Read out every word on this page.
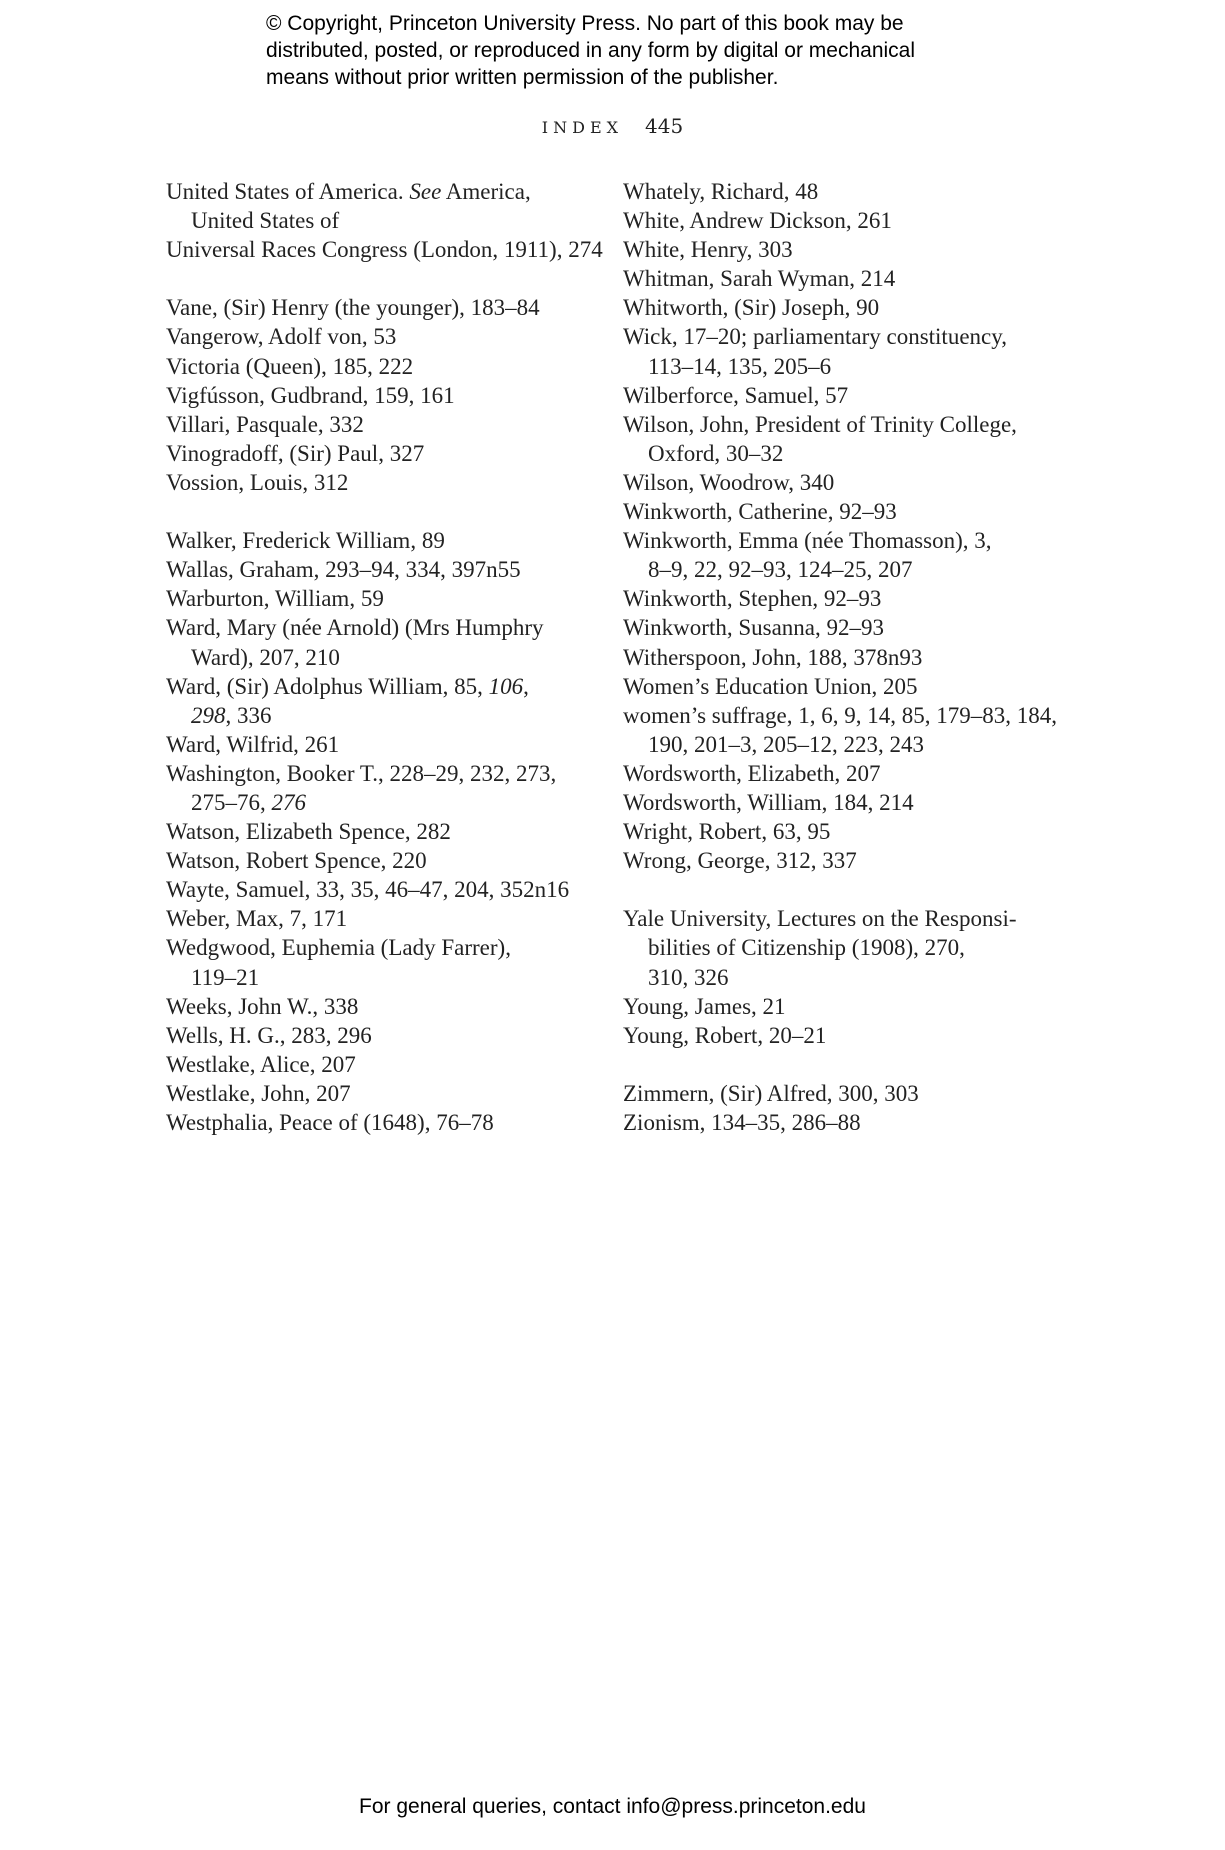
© Copyright, Princeton University Press. No part of this book may be
distributed, posted, or reproduced in any form by digital or mechanical
means without prior written permission of the publisher.
INDEX 445
United States of America. See America,
United States of
Universal Races Congress (London, 1911), 274
Vane, (Sir) Henry (the younger), 183–84
Vangerow, Adolf von, 53
Victoria (Queen), 185, 222
Vigfússon, Gudbrand, 159, 161
Villari, Pasquale, 332
Vinogradoff, (Sir) Paul, 327
Vossion, Louis, 312
Walker, Frederick William, 89
Wallas, Graham, 293–94, 334, 397n55
Warburton, William, 59
Ward, Mary (née Arnold) (Mrs Humphry
Ward), 207, 210
Ward, (Sir) Adolphus William, 85, 106,
298, 336
Ward, Wilfrid, 261
Washington, Booker T., 228–29, 232, 273,
275–76, 276
Watson, Elizabeth Spence, 282
Watson, Robert Spence, 220
Wayte, Samuel, 33, 35, 46–47, 204, 352n16
Weber, Max, 7, 171
Wedgwood, Euphemia (Lady Farrer),
119–21
Weeks, John W., 338
Wells, H. G., 283, 296
Westlake, Alice, 207
Westlake, John, 207
Westphalia, Peace of (1648), 76–78
Whately, Richard, 48
White, Andrew Dickson, 261
White, Henry, 303
Whitman, Sarah Wyman, 214
Whitworth, (Sir) Joseph, 90
Wick, 17–20; parliamentary constituency,
113–14, 135, 205–6
Wilberforce, Samuel, 57
Wilson, John, President of Trinity College,
Oxford, 30–32
Wilson, Woodrow, 340
Winkworth, Catherine, 92–93
Winkworth, Emma (née Thomasson), 3,
8–9, 22, 92–93, 124–25, 207
Winkworth, Stephen, 92–93
Winkworth, Susanna, 92–93
Witherspoon, John, 188, 378n93
Women’s Education Union, 205
women’s suffrage, 1, 6, 9, 14, 85, 179–83, 184,
190, 201–3, 205–12, 223, 243
Wordsworth, Elizabeth, 207
Wordsworth, William, 184, 214
Wright, Robert, 63, 95
Wrong, George, 312, 337
Yale University, Lectures on the Responsi-
bilities of Citizenship (1908), 270,
310, 326
Young, James, 21
Young, Robert, 20–21
Zimmern, (Sir) Alfred, 300, 303
Zionism, 134–35, 286–88
For general queries, contact info@press.princeton.edu
